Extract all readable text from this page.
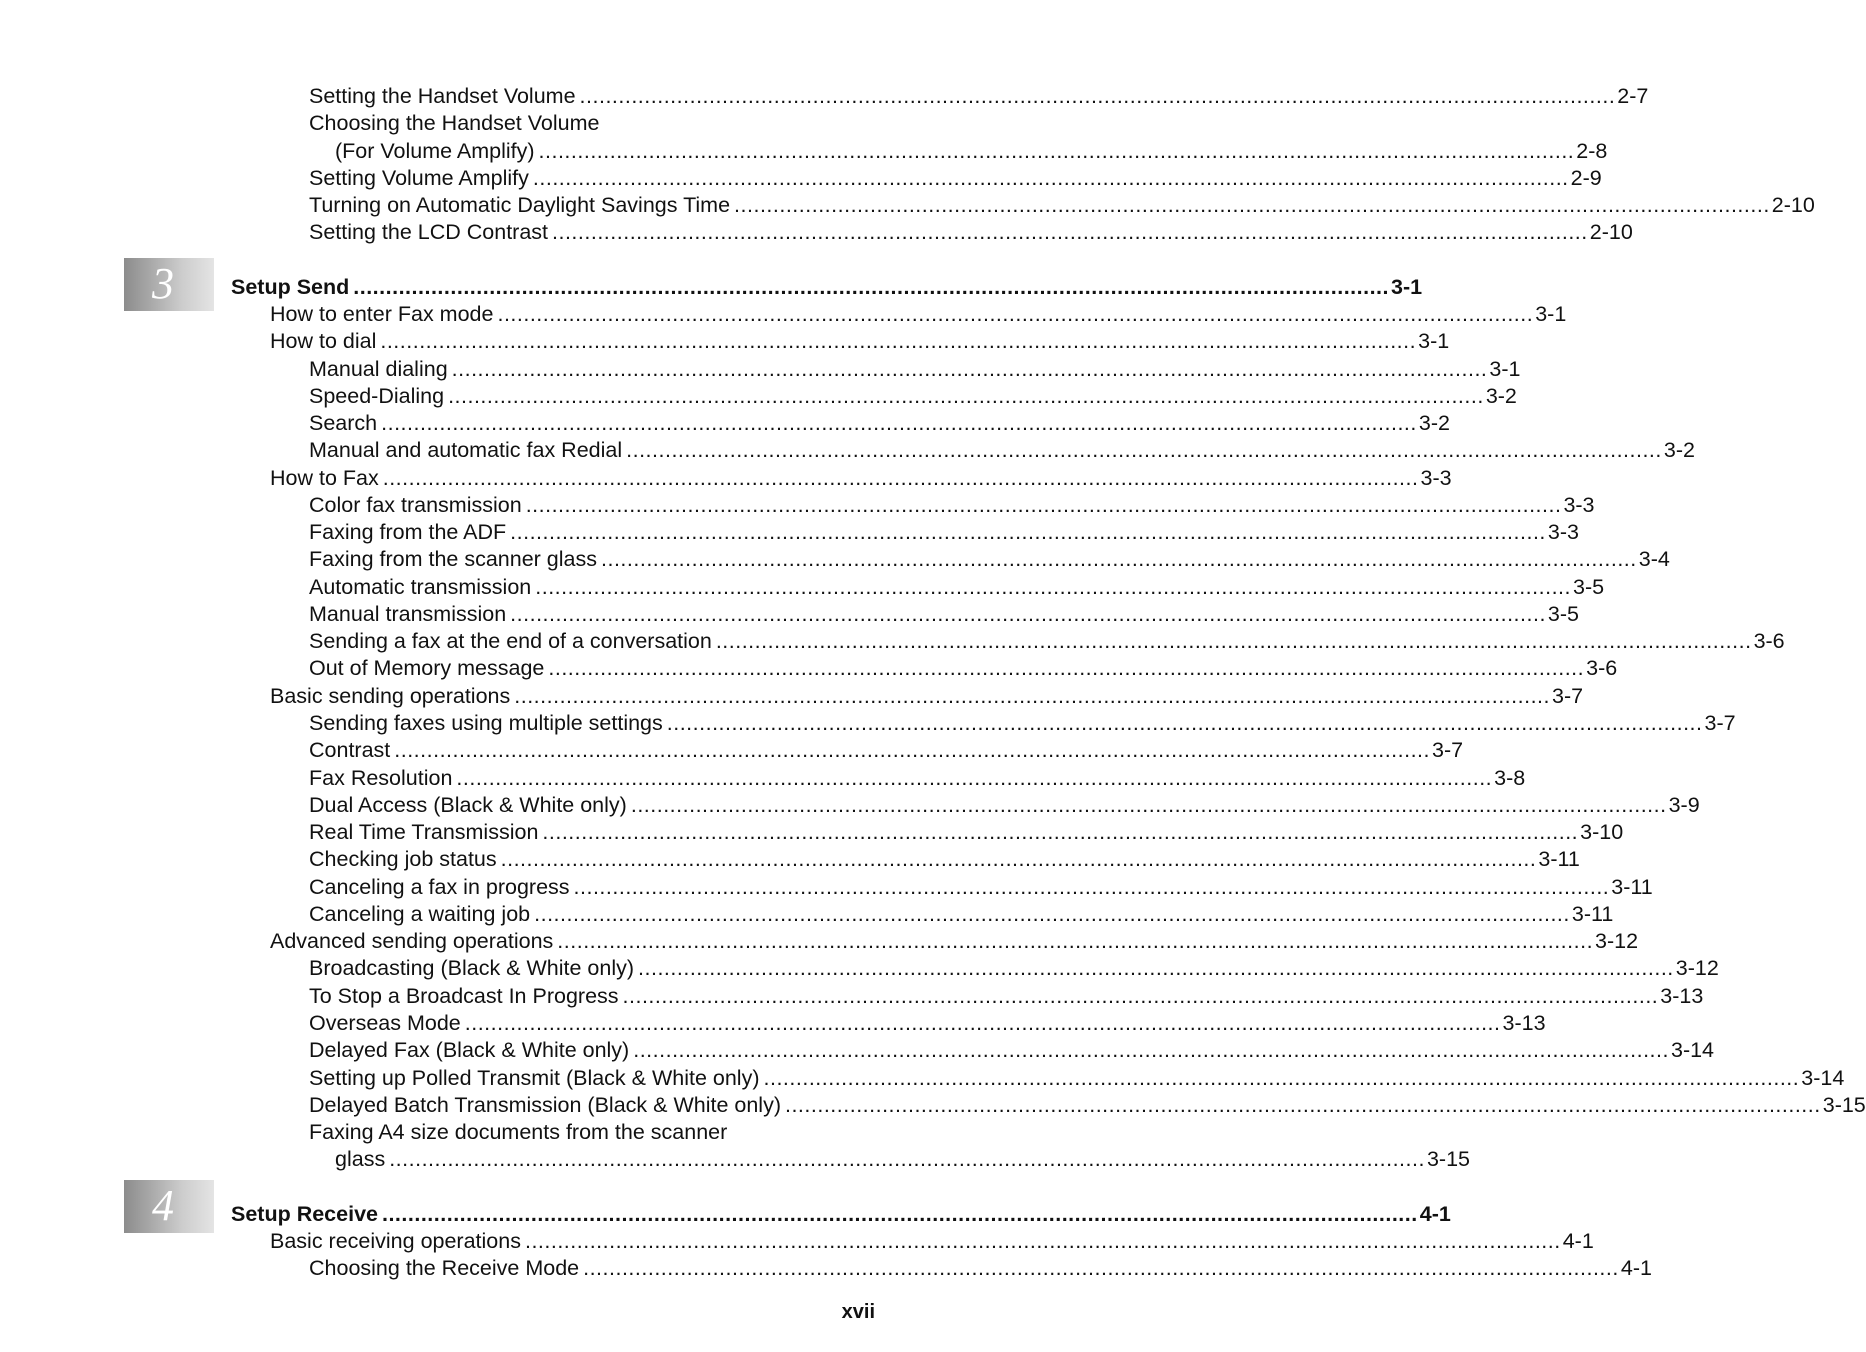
3
4
Setting the Handset Volume ................................................................................................................................................................ 2-7
Choosing the Handset Volume
(For Volume Amplify) ................................................................................................................................................................ 2-8
Setting Volume Amplify ................................................................................................................................................................ 2-9
Turning on Automatic Daylight Savings Time ................................................................................................................................................................ 2-10
Setting the LCD Contrast ................................................................................................................................................................ 2-10
Setup Send ................................................................................................................................................................ 3-1
How to enter Fax mode ................................................................................................................................................................ 3-1
How to dial ................................................................................................................................................................ 3-1
Manual dialing ................................................................................................................................................................ 3-1
Speed-Dialing ................................................................................................................................................................ 3-2
Search ................................................................................................................................................................ 3-2
Manual and automatic fax Redial ................................................................................................................................................................ 3-2
How to Fax ................................................................................................................................................................ 3-3
Color fax transmission ................................................................................................................................................................ 3-3
Faxing from the ADF ................................................................................................................................................................ 3-3
Faxing from the scanner glass ................................................................................................................................................................ 3-4
Automatic transmission ................................................................................................................................................................ 3-5
Manual transmission ................................................................................................................................................................ 3-5
Sending a fax at the end of a conversation ................................................................................................................................................................ 3-6
Out of Memory message ................................................................................................................................................................ 3-6
Basic sending operations ................................................................................................................................................................ 3-7
Sending faxes using multiple settings ................................................................................................................................................................ 3-7
Contrast ................................................................................................................................................................ 3-7
Fax Resolution ................................................................................................................................................................ 3-8
Dual Access (Black & White only) ................................................................................................................................................................ 3-9
Real Time Transmission ................................................................................................................................................................ 3-10
Checking job status ................................................................................................................................................................ 3-11
Canceling a fax in progress ................................................................................................................................................................ 3-11
Canceling a waiting job ................................................................................................................................................................ 3-11
Advanced sending operations ................................................................................................................................................................ 3-12
Broadcasting (Black & White only) ................................................................................................................................................................ 3-12
To Stop a Broadcast In Progress ................................................................................................................................................................ 3-13
Overseas Mode ................................................................................................................................................................ 3-13
Delayed Fax (Black & White only) ................................................................................................................................................................ 3-14
Setting up Polled Transmit (Black & White only) ................................................................................................................................................................ 3-14
Delayed Batch Transmission (Black & White only) ................................................................................................................................................................ 3-15
Faxing A4 size documents from the scanner
glass ................................................................................................................................................................ 3-15
Setup Receive ................................................................................................................................................................ 4-1
Basic receiving operations ................................................................................................................................................................ 4-1
Choosing the Receive Mode ................................................................................................................................................................ 4-1
xvii
